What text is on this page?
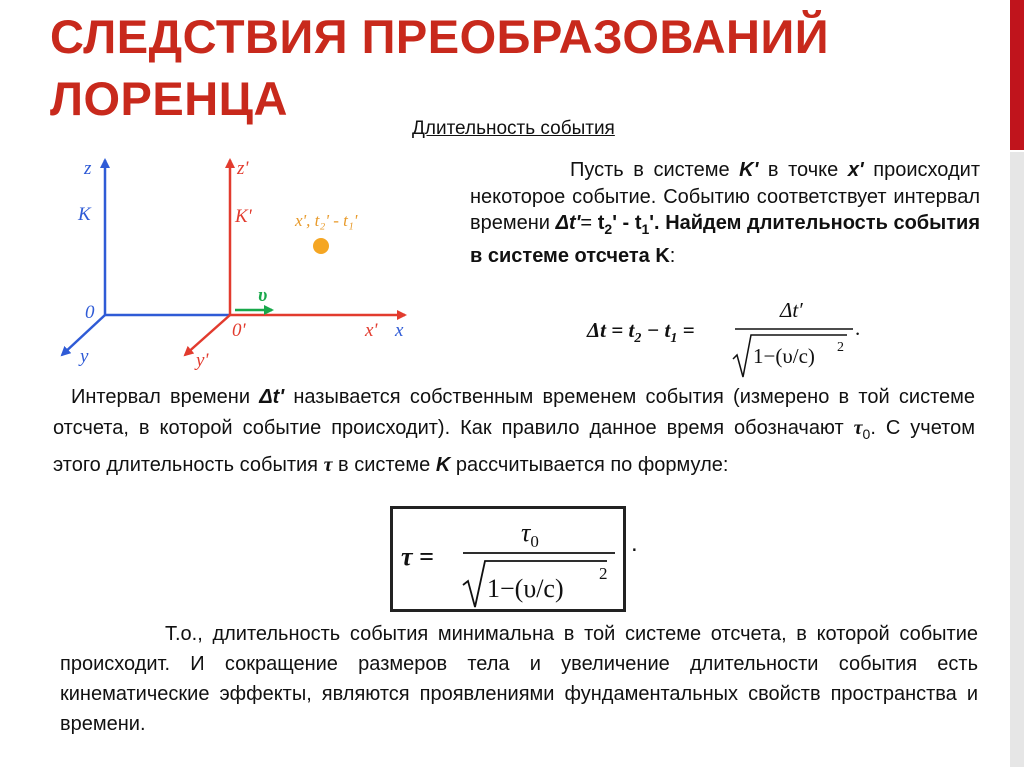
СЛЕДСТВИЯ ПРЕОБРАЗОВАНИЙ
ЛОРЕНЦА
Длительность события
z
K
0
y
z'
K'
0'
y'
x' x
υ
x', t₂' - t₁'
Пусть в системе K' в точке x' происходит некоторое событие. Событию соответствует интервал времени $\Delta t'= t_2' - t_1'$. Найдем длительность события в системе отсчета K:
$\Delta t = t_2 - t_1$ =
Δt′
1−(υ/c) 2
.
Интервал времени Δt' называется собственным временем события (измерено в той системе отсчета, в которой событие происходит). Как правило данное время обозначают $\tau_0$. С учетом этого длительность события τ в системе K рассчитывается по формуле:
τ =
$\tau_0$
1−(υ/c)
2
.
Т.о., длительность события минимальна в той системе отсчета, в которой событие происходит. И сокращение размеров тела и увеличение длительности события есть кинематические эффекты, являются проявлениями фундаментальных свойств пространства и времени.
